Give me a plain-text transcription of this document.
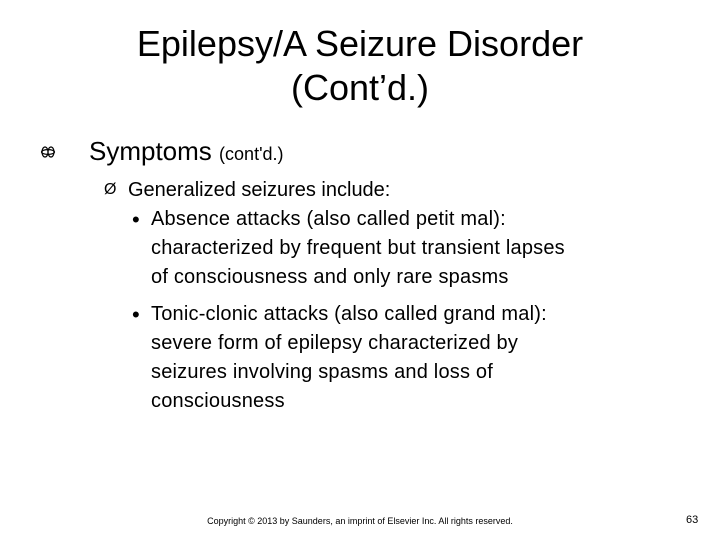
Epilepsy/A Seizure Disorder
(Cont’d.)
Symptoms (cont'd.)
Ø Generalized seizures include:
• Absence attacks (also called petit mal):
characterized by frequent but transient lapses
of consciousness and only rare spasms
• Tonic-clonic attacks (also called grand mal):
severe form of epilepsy characterized by
seizures involving spasms and loss of
consciousness
Copyright © 2013 by Saunders, an imprint of Elsevier Inc. All rights reserved.	63
